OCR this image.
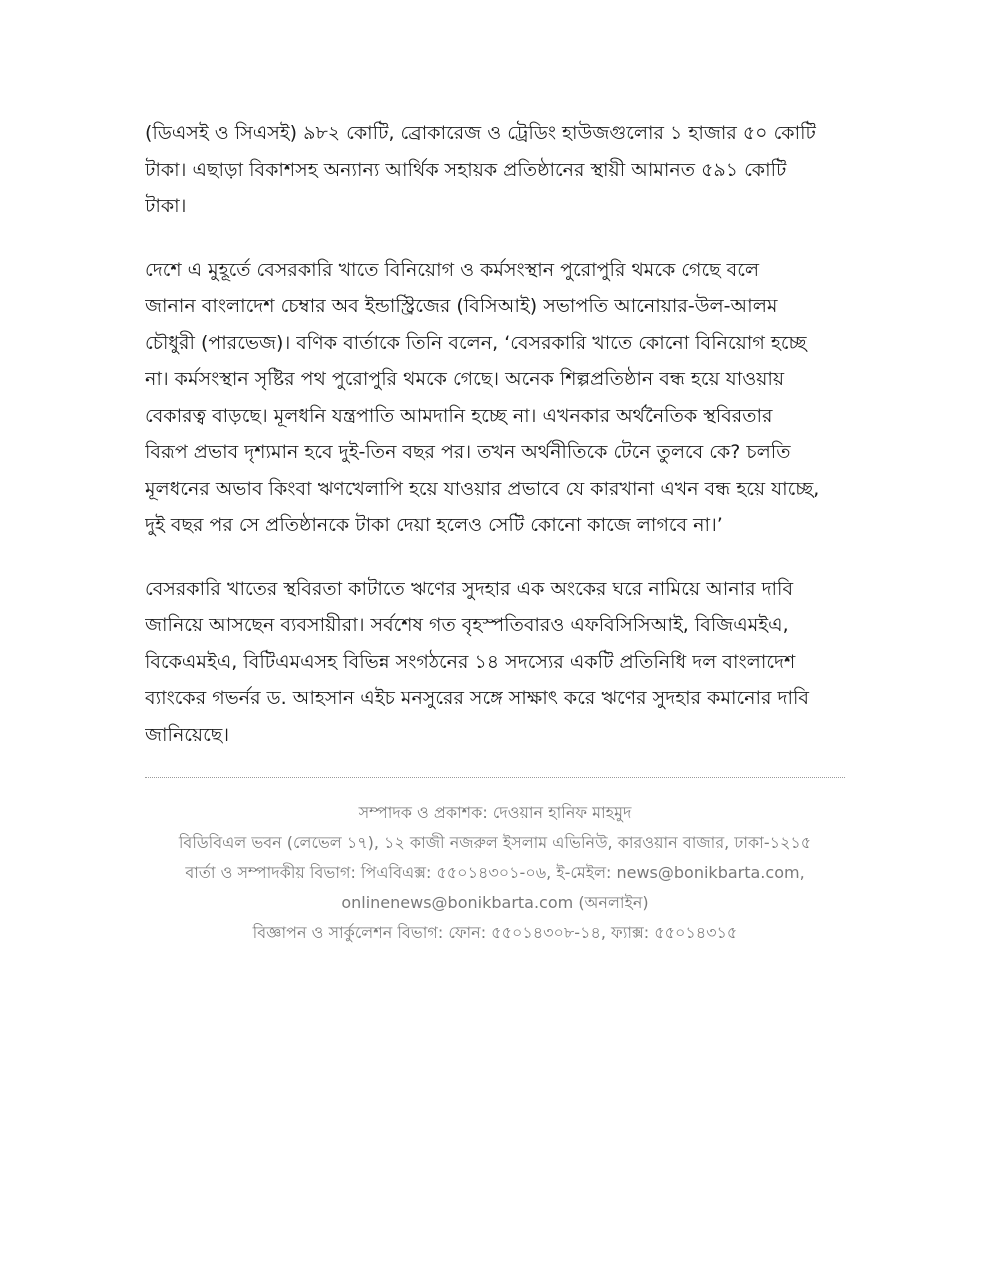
(ডিএসই ও সিএসই) ৯৮২ কোটি, ব্রোকারেজ ও ট্রেডিং হাউজগুলোর ১ হাজার ৫০ কোটি
টাকা। এছাড়া বিকাশসহ অন্যান্য আর্থিক সহায়ক প্রতিষ্ঠানের স্থায়ী আমানত ৫৯১ কোটি
টাকা।

দেশে এ মুহূর্তে বেসরকারি খাতে বিনিয়োগ ও কর্মসংস্থান পুরোপুরি থমকে গেছে বলে
জানান বাংলাদেশ চেম্বার অব ইন্ডাস্ট্রিজের (বিসিআই) সভাপতি আনোয়ার-উল-আলম
চৌধুরী (পারভেজ)। বণিক বার্তাকে তিনি বলেন, ‘বেসরকারি খাতে কোনো বিনিয়োগ হচ্ছে
না। কর্মসংস্থান সৃষ্টির পথ পুরোপুরি থমকে গেছে। অনেক শিল্পপ্রতিষ্ঠান বন্ধ হয়ে যাওয়ায়
বেকারত্ব বাড়ছে। মূলধনি যন্ত্রপাতি আমদানি হচ্ছে না। এখনকার অর্থনৈতিক স্থবিরতার
বিরূপ প্রভাব দৃশ্যমান হবে দুই-তিন বছর পর। তখন অর্থনীতিকে টেনে তুলবে কে? চলতি
মূলধনের অভাব কিংবা ঋণখেলাপি হয়ে যাওয়ার প্রভাবে যে কারখানা এখন বন্ধ হয়ে যাচ্ছে,
দুই বছর পর সে প্রতিষ্ঠানকে টাকা দেয়া হলেও সেটি কোনো কাজে লাগবে না।’

বেসরকারি খাতের স্থবিরতা কাটাতে ঋণের সুদহার এক অংকের ঘরে নামিয়ে আনার দাবি
জানিয়ে আসছেন ব্যবসায়ীরা। সর্বশেষ গত বৃহস্পতিবারও এফবিসিসিআই, বিজিএমইএ,
বিকেএমইএ, বিটিএমএসহ বিভিন্ন সংগঠনের ১৪ সদস্যের একটি প্রতিনিধি দল বাংলাদেশ
ব্যাংকের গভর্নর ড. আহসান এইচ মনসুরের সঙ্গে সাক্ষাৎ করে ঋণের সুদহার কমানোর দাবি
জানিয়েছে।

সম্পাদক ও প্রকাশক: দেওয়ান হানিফ মাহমুদ
বিডিবিএল ভবন (লেভেল ১৭), ১২ কাজী নজরুল ইসলাম এভিনিউ, কারওয়ান বাজার, ঢাকা-১২১৫
বার্তা ও সম্পাদকীয় বিভাগ: পিএবিএক্স: ৫৫০১৪৩০১-০৬, ই-মেইল: news@bonikbarta.com,
onlinenews@bonikbarta.com (অনলাইন)
বিজ্ঞাপন ও সার্কুলেশন বিভাগ: ফোন: ৫৫০১৪৩০৮-১৪, ফ্যাক্স: ৫৫০১৪৩১৫
